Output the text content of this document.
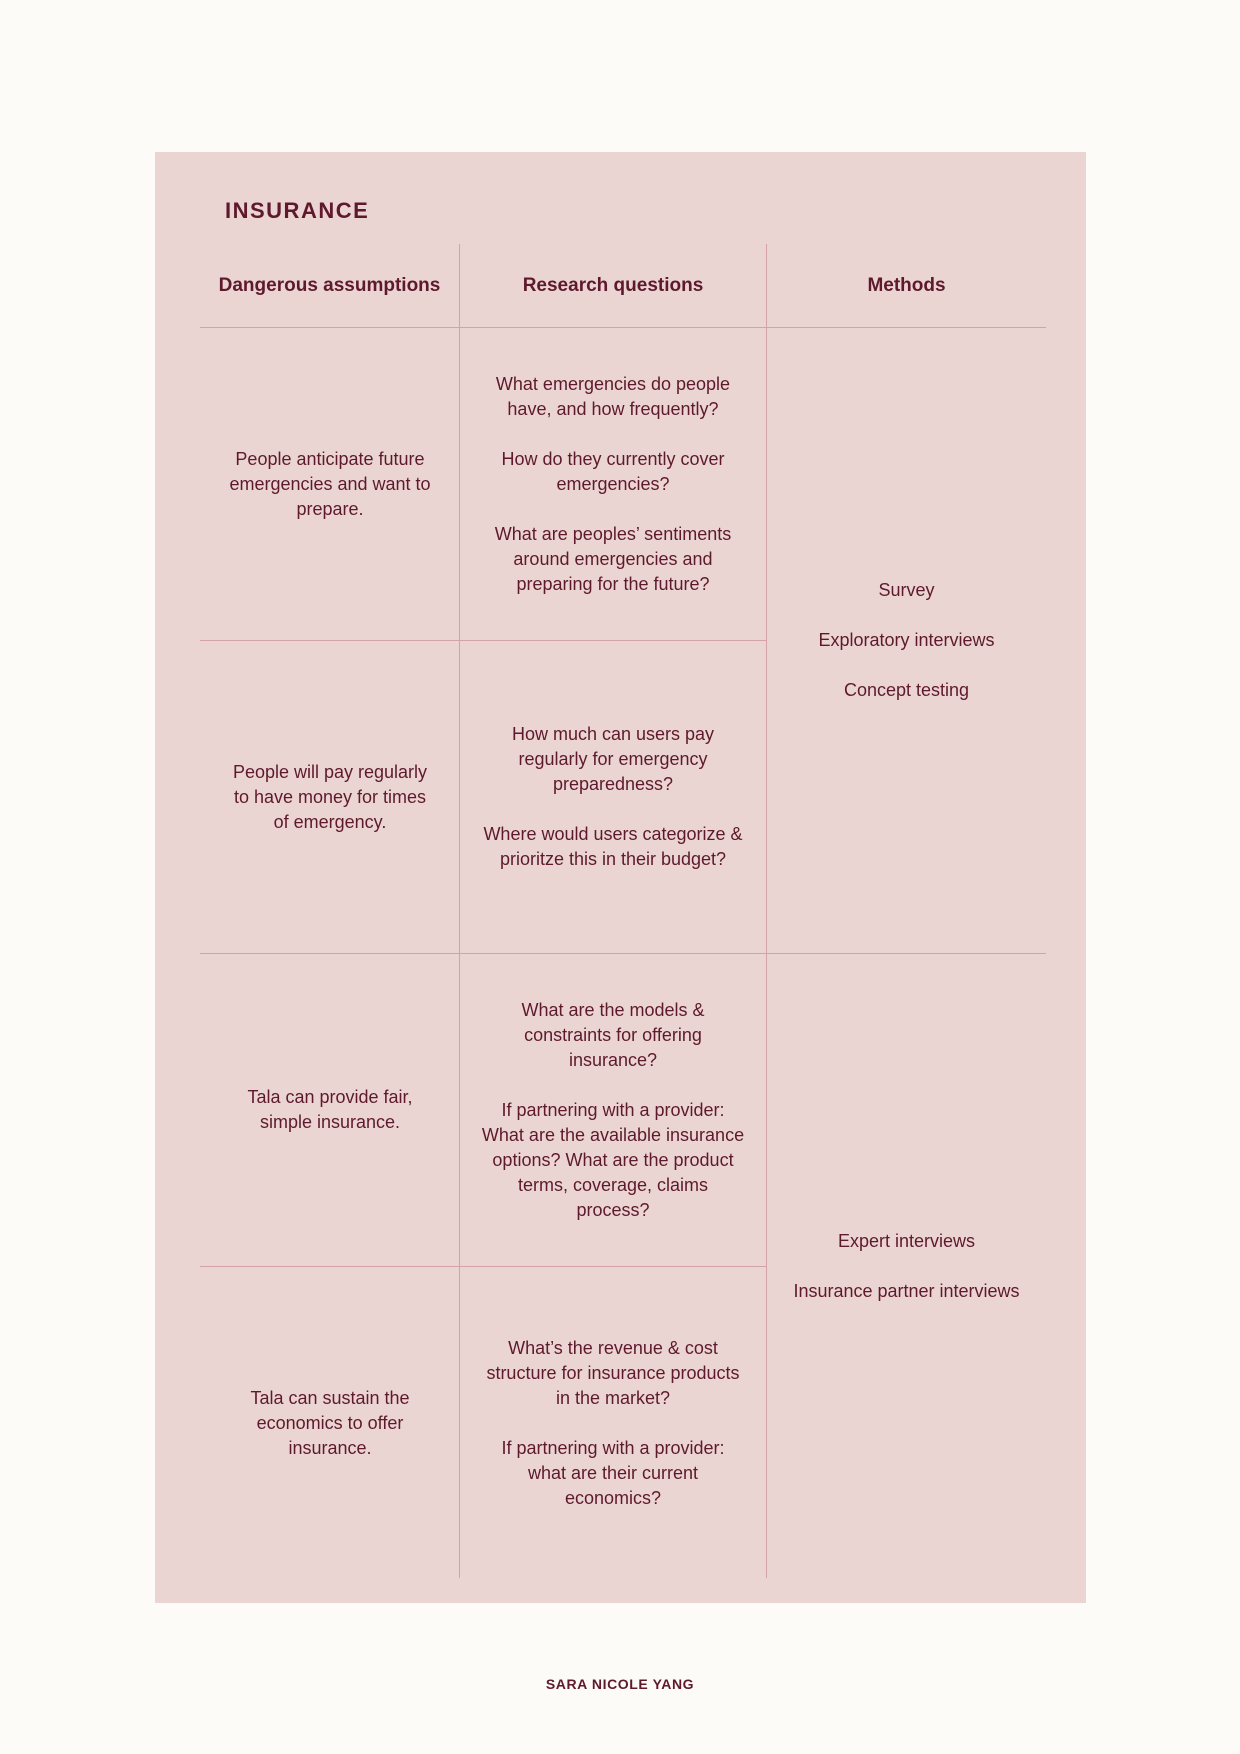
INSURANCE
Dangerous assumptions	Research questions	Methods
People anticipate future emergencies and want to prepare.
What emergencies do people have, and how frequently?
How do they currently cover emergencies?
What are peoples’ sentiments around emergencies and preparing for the future?
People will pay regularly to have money for times of emergency.
How much can users pay regularly for emergency preparedness?
Where would users categorize & prioritze this in their budget?
Tala can provide fair, simple insurance.
What are the models & constraints for offering insurance?
If partnering with a provider: What are the available insurance options? What are the product terms, coverage, claims process?
Tala can sustain the economics to offer insurance.
What’s the revenue & cost structure for insurance products in the market?
If partnering with a provider: what are their current economics?
Survey
Exploratory interviews
Concept testing
Expert interviews
Insurance partner interviews
SARA NICOLE YANG
